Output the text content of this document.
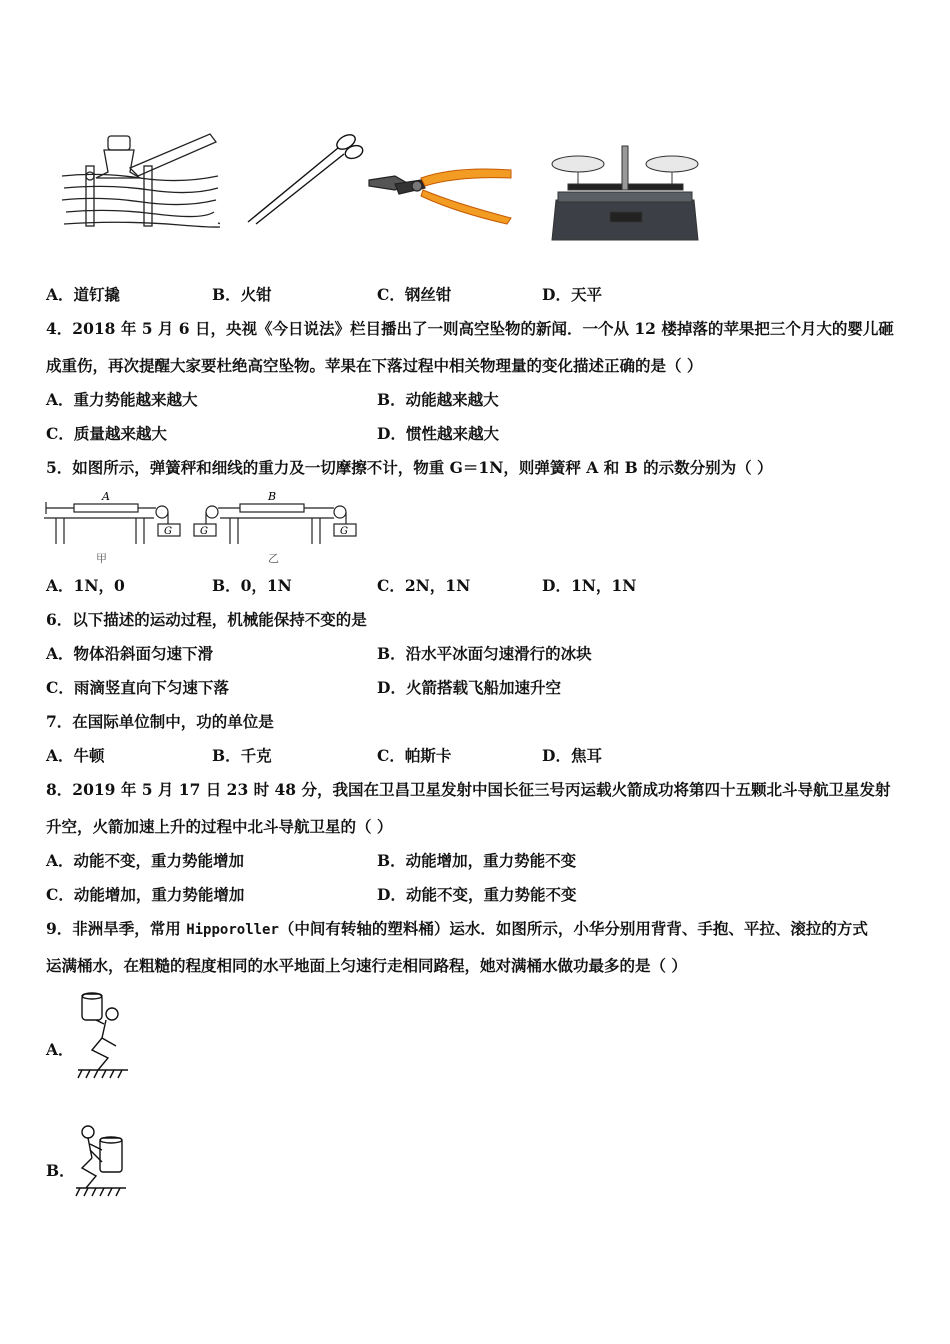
A．道钉撬	B．火钳	C．钢丝钳	D．天平
4．2018 年 5 月 6 日，央视《今日说法》栏目播出了一则高空坠物的新闻．一个从 12 楼掉落的苹果把三个月大的婴儿砸
成重伤，再次提醒大家要杜绝高空坠物。苹果在下落过程中相关物理量的变化描述正确的是（ ）
A．重力势能越来越大	B．动能越来越大
C．质量越来越大	D．惯性越来越大
5．如图所示，弹簧秤和细线的重力及一切摩擦不计，物重 G＝1N，则弹簧秤 A 和 B 的示数分别为（ ）
A	B
G	G	G
甲	乙
A．1N，0	B．0，1N	C．2N，1N	D．1N，1N
6．以下描述的运动过程，机械能保持不变的是
A．物体沿斜面匀速下滑	B．沿水平冰面匀速滑行的冰块
C．雨滴竖直向下匀速下落	D．火箭搭载飞船加速升空
7．在国际单位制中，功的单位是
A．牛顿	B．千克	C．帕斯卡	D．焦耳
8．2019 年 5 月 17 日 23 时 48 分，我国在卫昌卫星发射中国长征三号丙运载火箭成功将第四十五颗北斗导航卫星发射
升空，火箭加速上升的过程中北斗导航卫星的（ ）
A．动能不变，重力势能增加	B．动能增加，重力势能不变
C．动能增加，重力势能增加	D．动能不变，重力势能不变
9．非洲旱季，常用 Hipporoller（中间有转轴的塑料桶）运水．如图所示，小华分别用背背、手抱、平拉、滚拉的方式
运满桶水，在粗糙的程度相同的水平地面上匀速行走相同路程，她对满桶水做功最多的是（ ）
A．
B．
